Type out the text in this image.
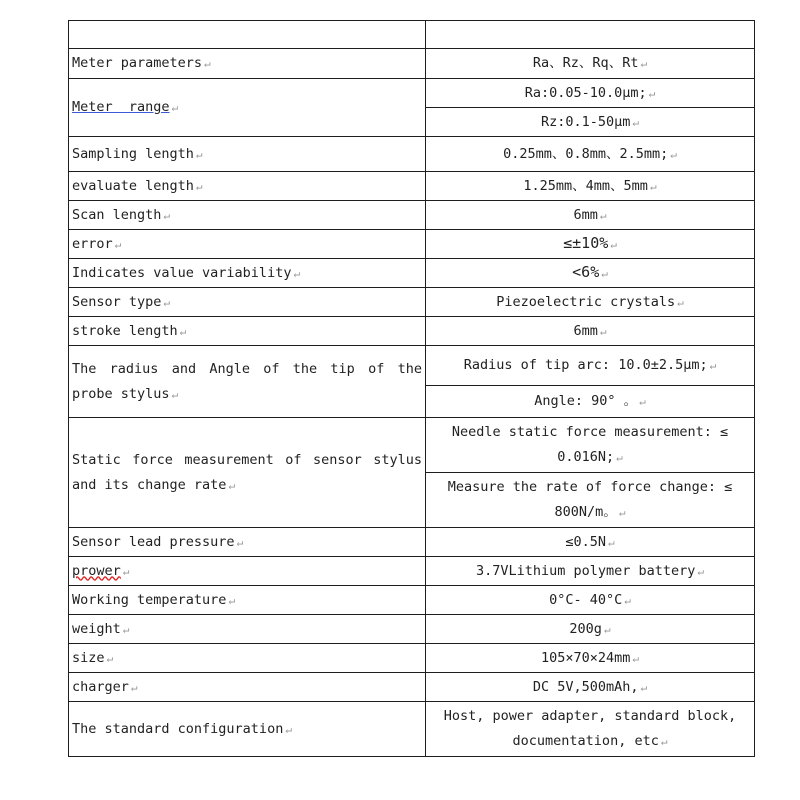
Meter parameters ↵	Ra、Rz、Rq、Rt ↵
Meter  range ↵	Ra:0.05-10.0μm; ↵
	Rz:0.1-50μm ↵
Sampling length ↵	0.25mm、0.8mm、2.5mm; ↵
evaluate length ↵	1.25mm、4mm、5mm ↵
Scan length ↵	6mm ↵
error ↵	≤±10% ↵
Indicates value variability ↵	<6% ↵
Sensor type ↵	Piezoelectric crystals ↵
stroke length ↵	6mm ↵
The radius and Angle of the tip of the probe stylus ↵	Radius of tip arc: 10.0±2.5μm; ↵
	Angle: 90° 。 ↵
Static force measurement of sensor stylus and its change rate ↵	Needle static force measurement: ≤ 0.016N; ↵
	Measure the rate of force change: ≤ 800N/m。 ↵
Sensor lead pressure ↵	≤0.5N ↵
prower ↵	3.7VLithium polymer battery ↵
Working temperature ↵	0°C- 40°C ↵
weight ↵	200g ↵
size ↵	105×70×24mm ↵
charger ↵	DC 5V,500mAh, ↵
The standard configuration ↵	Host, power adapter, standard block, documentation, etc ↵
